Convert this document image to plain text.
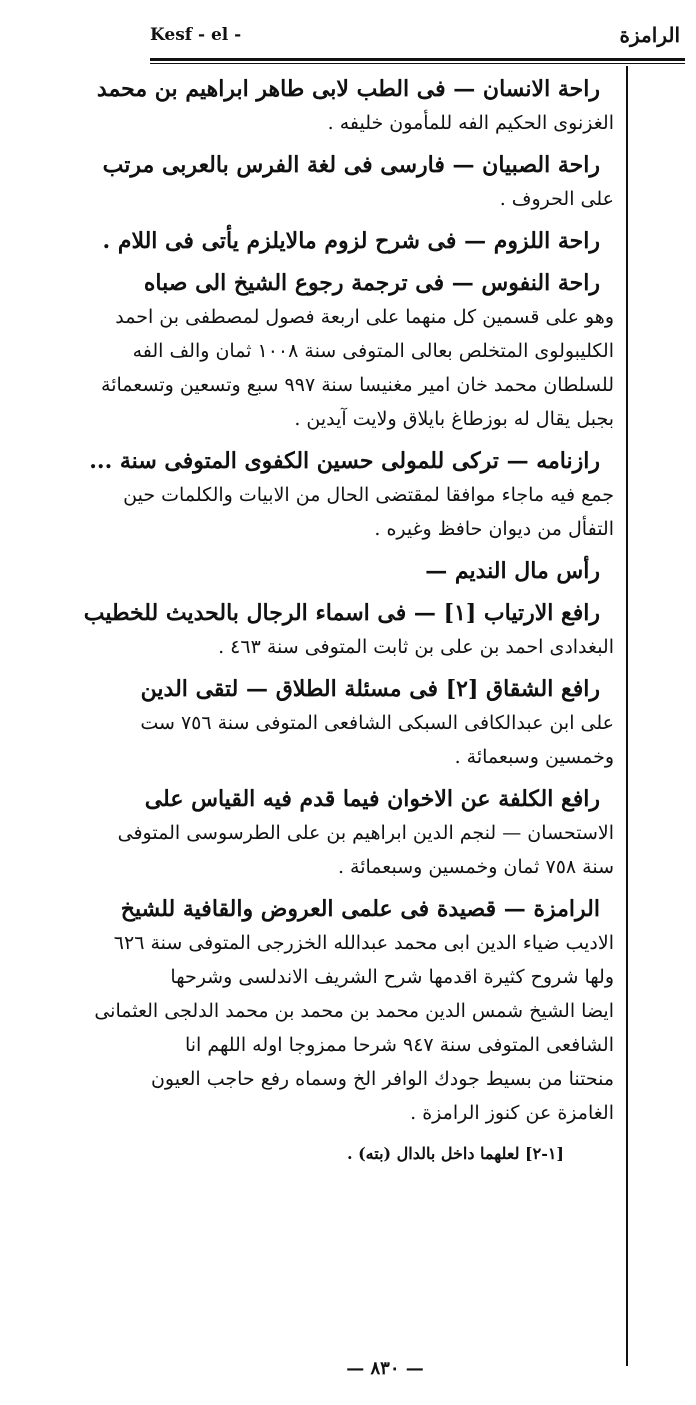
Kesf - el -	الرامزة
راحة الانسان — فى الطب لابى طاهر ابراهيم بن محمد
الغزنوى الحكيم الفه للمأمون خليفه .
راحة الصبيان — فارسى فى لغة الفرس بالعربى مرتب
على الحروف .
راحة اللزوم — فى شرح لزوم مالايلزم يأتى فى اللام .
راحة النفوس — فى ترجمة رجوع الشيخ الى صباه
وهو على قسمين كل منهما على اربعة فصول لمصطفى بن احمد
الكليبولوى المتخلص بعالى المتوفى سنة ١٠٠٨ ثمان والف الفه
للسلطان محمد خان امير مغنيسا سنة ٩٩٧ سبع وتسعين وتسعمائة
بجبل يقال له بوزطاغ بايلاق ولايت آيدين .
رازنامه — تركى للمولى حسين الكفوى المتوفى سنة ...
جمع فيه ماجاء موافقا لمقتضى الحال من الابيات والكلمات حين
التفأل من ديوان حافظ وغيره .
رأس مال النديم —
رافع الارتياب [١] — فى اسماء الرجال بالحديث للخطيب
البغدادى احمد بن على بن ثابت المتوفى سنة ٤٦٣ .
رافع الشقاق [٢] فى مسئلة الطلاق — لتقى الدين
على ابن عبدالكافى السبكى الشافعى المتوفى سنة ٧٥٦ ست
وخمسين وسبعمائة .
رافع الكلفة عن الاخوان فيما قدم فيه القياس على
الاستحسان — لنجم الدين ابراهيم بن على الطرسوسى المتوفى
سنة ٧٥٨ ثمان وخمسين وسبعمائة .
الرامزة — قصيدة فى علمى العروض والقافية للشيخ
الاديب ضياء الدين ابى محمد عبدالله الخزرجى المتوفى سنة ٦٢٦
ولها شروح كثيرة اقدمها شرح الشريف الاندلسى وشرحها
ايضا الشيخ شمس الدين محمد بن محمد بن محمد الدلجى العثمانى
الشافعى المتوفى سنة ٩٤٧ شرحا ممزوجا اوله اللهم انا
منحتنا من بسيط جودك الوافر الخ وسماه رفع حاجب العيون
الغامزة عن كنوز الرامزة .
[١-٢] لعلهما داخل بالدال (بته) .
— ٨٣٠ —
